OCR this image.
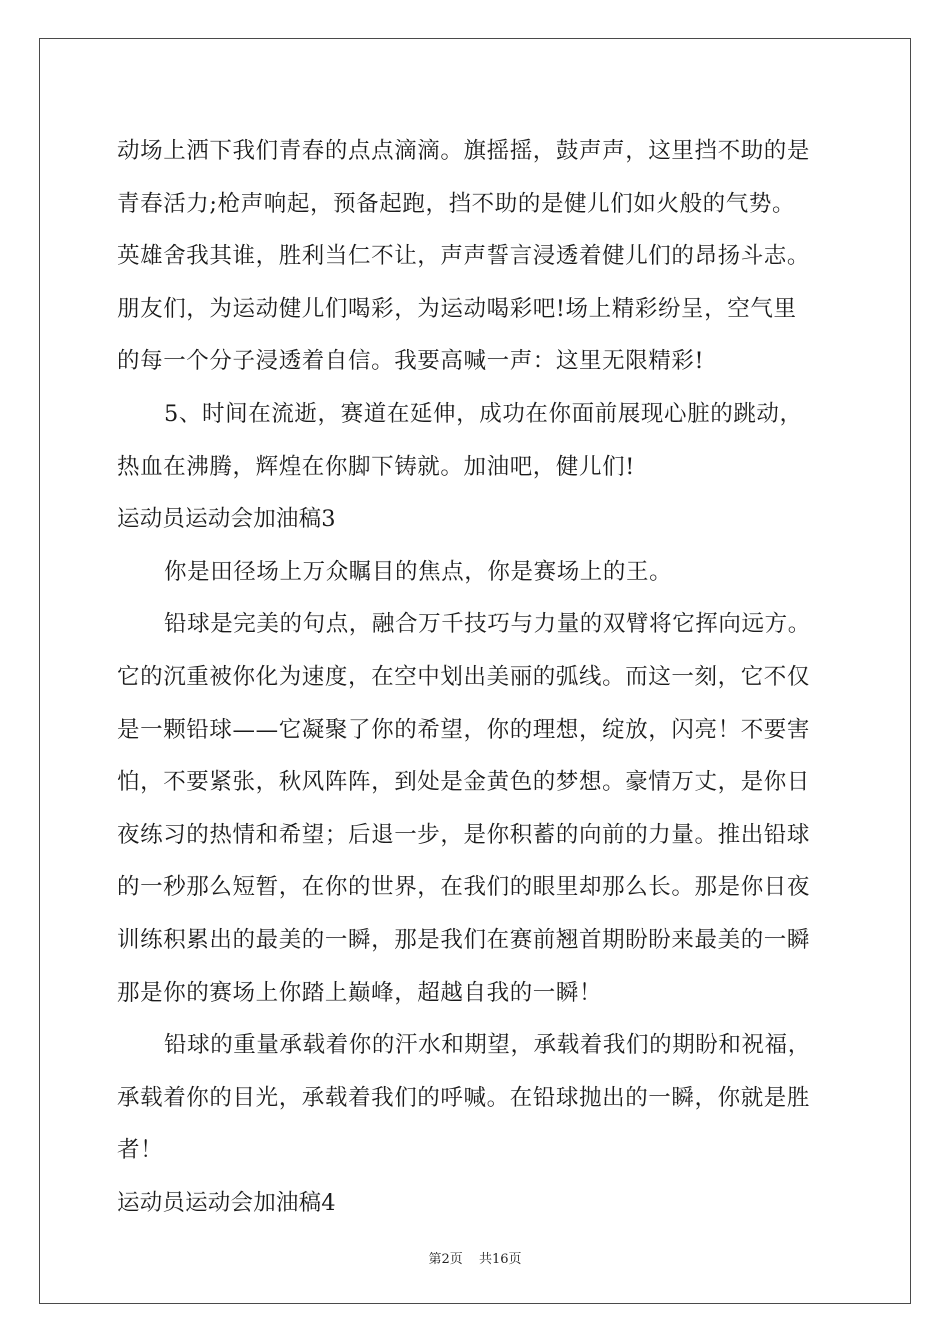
动场上洒下我们青春的点点滴滴。旗摇摇，鼓声声，这里挡不助的是
青春活力;枪声响起，预备起跑，挡不助的是健儿们如火般的气势。
英雄舍我其谁，胜利当仁不让，声声誓言浸透着健儿们的昂扬斗志。
朋友们，为运动健儿们喝彩，为运动喝彩吧!场上精彩纷呈，空气里
的每一个分子浸透着自信。我要高喊一声：这里无限精彩!
5、时间在流逝，赛道在延伸，成功在你面前展现心脏的跳动，
热血在沸腾，辉煌在你脚下铸就。加油吧，健儿们!
运动员运动会加油稿3
你是田径场上万众瞩目的焦点，你是赛场上的王。
铅球是完美的句点，融合万千技巧与力量的双臂将它挥向远方。
它的沉重被你化为速度，在空中划出美丽的弧线。而这一刻，它不仅
是一颗铅球——它凝聚了你的希望，你的理想，绽放，闪亮！不要害
怕，不要紧张，秋风阵阵，到处是金黄色的梦想。豪情万丈，是你日
夜练习的热情和希望；后退一步，是你积蓄的向前的力量。推出铅球
的一秒那么短暂，在你的世界，在我们的眼里却那么长。那是你日夜
训练积累出的最美的一瞬，那是我们在赛前翘首期盼盼来最美的一瞬
那是你的赛场上你踏上巅峰，超越自我的一瞬！
铅球的重量承载着你的汗水和期望，承载着我们的期盼和祝福，
承载着你的目光，承载着我们的呼喊。在铅球抛出的一瞬，你就是胜
者！
运动员运动会加油稿4
第2页 共16页
